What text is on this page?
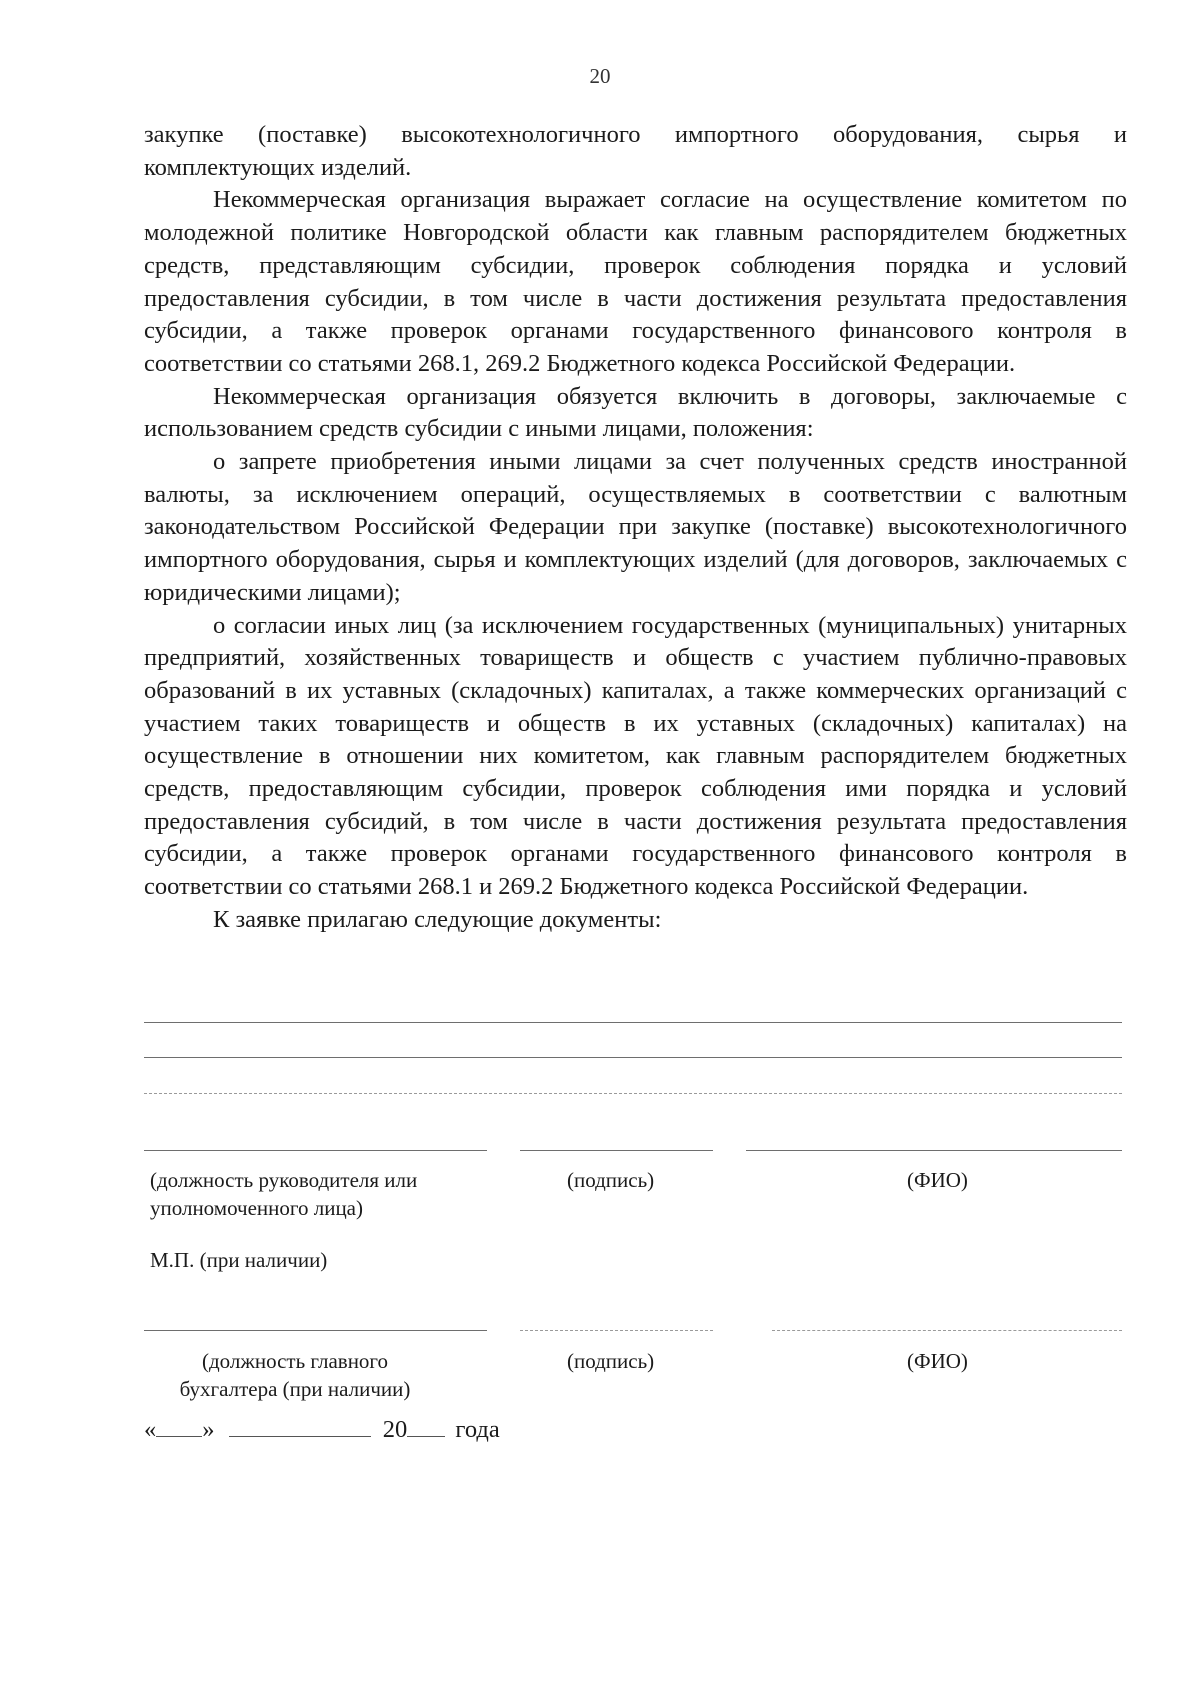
20

закупке (поставке) высокотехнологичного импортного оборудования, сырья и комплектующих изделий.

Некоммерческая организация выражает согласие на осуществление комитетом по молодежной политике Новгородской области как главным распорядителем бюджетных средств, представляющим субсидии, проверок соблюдения порядка и условий предоставления субсидии, в том числе в части достижения результата предоставления субсидии, а также проверок органами государственного финансового контроля в соответствии со статьями 268.1, 269.2 Бюджетного кодекса Российской Федерации.

Некоммерческая организация обязуется включить в договоры, заключаемые с использованием средств субсидии с иными лицами, положения:

о запрете приобретения иными лицами за счет полученных средств иностранной валюты, за исключением операций, осуществляемых в соответствии с валютным законодательством Российской Федерации при закупке (поставке) высокотехнологичного импортного оборудования, сырья и комплектующих изделий (для договоров, заключаемых с юридическими лицами);

о согласии иных лиц (за исключением государственных (муниципальных) унитарных предприятий, хозяйственных товариществ и обществ с участием публично-правовых образований в их уставных (складочных) капиталах, а также коммерческих организаций с участием таких товариществ и обществ в их уставных (складочных) капиталах) на осуществление в отношении них комитетом, как главным распорядителем бюджетных средств, предоставляющим субсидии, проверок соблюдения ими порядка и условий предоставления субсидий, в том числе в части достижения результата предоставления субсидии, а также проверок органами государственного финансового контроля в соответствии со статьями 268.1 и 269.2 Бюджетного кодекса Российской Федерации.

К заявке прилагаю следующие документы:

(должность руководителя или уполномоченного лица)
(подпись)	(ФИО)
М.П. (при наличии)
(должность главного бухгалтера (при наличии)
(подпись)	(ФИО)
« »	20 года
